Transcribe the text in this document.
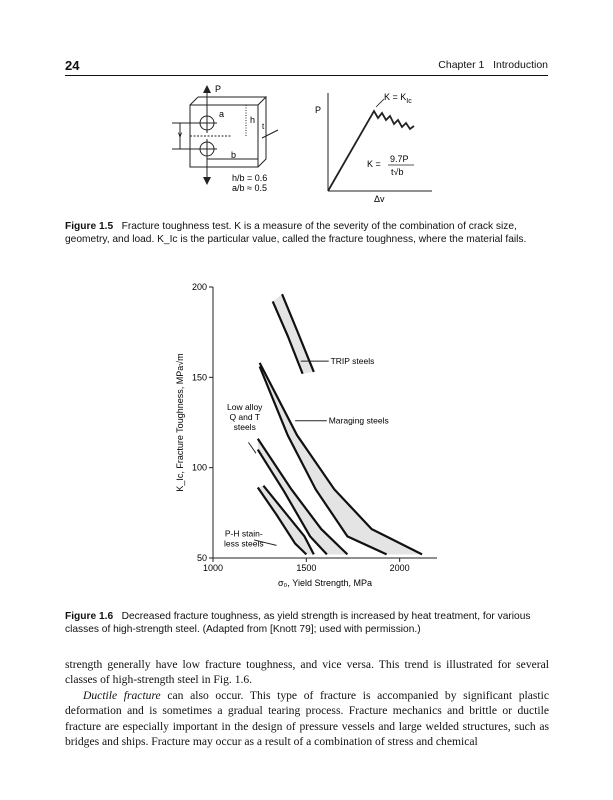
24	Chapter 1   Introduction
P
a
h
b
v
t
h/b = 0.6
a/b ≈ 0.5
P
Δv
$K = K_{Ic}$
K = 9.7P
t√b
Figure 1.5 Fracture toughness test. K is a measure of the severity of the combination of crack size, geometry, and load. K_Ic is the particular value, called the fracture toughness, where the material fails.
50
100
150
200
1000	1500	2000
TRIP steels
Maraging steels
Low alloy
Q and T
steels
P-H stain-
less steels
σ₀, Yield Strength, MPa
K_Ic, Fracture Toughness, MPa√m
Figure 1.6 Decreased fracture toughness, as yield strength is increased by heat treatment, for various classes of high-strength steel. (Adapted from [Knott 79]; used with permission.)

strength generally have low fracture toughness, and vice versa. This trend is illustrated for several classes of high-strength steel in Fig. 1.6.

Ductile fracture can also occur. This type of fracture is accompanied by significant plastic deformation and is sometimes a gradual tearing process. Fracture mechanics and brittle or ductile fracture are especially important in the design of pressure vessels and large welded structures, such as bridges and ships. Fracture may occur as a result of a combination of stress and chemical
